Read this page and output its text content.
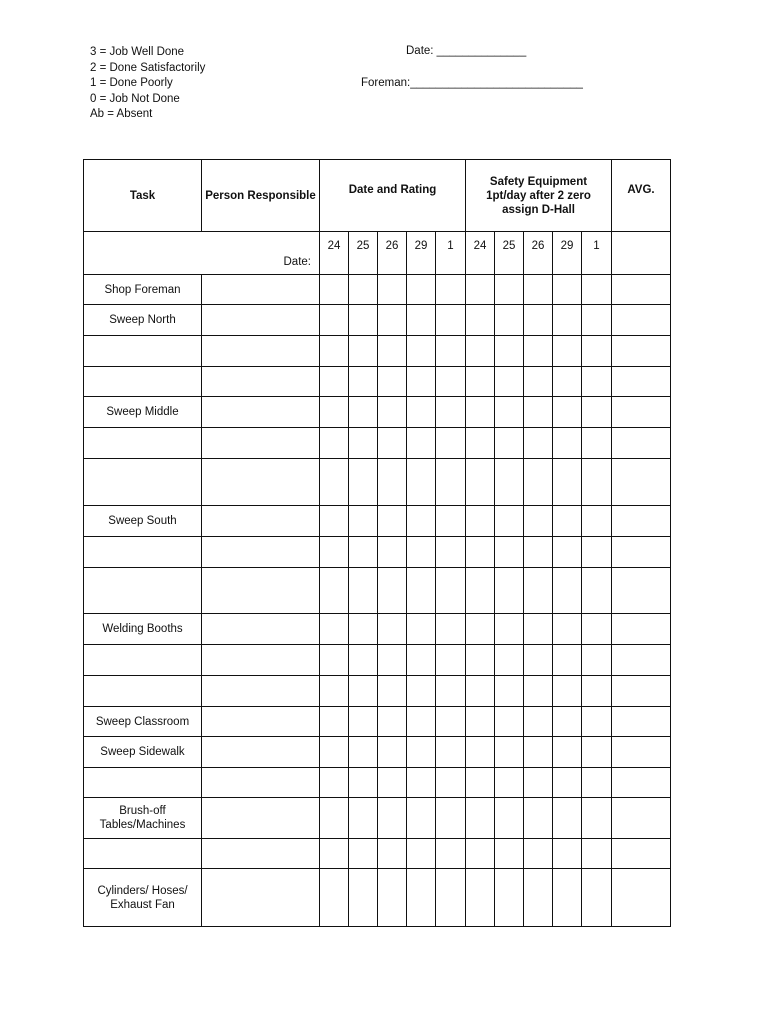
3 = Job Well Done
2 = Done Satisfactorily
1 = Done Poorly
0 = Job Not Done
Ab = Absent
Date: ______________
Foreman:___________________________
Task	Person Responsible	Date and Rating					Safety Equipment 1pt/day after 2 zero assign D-Hall					AVG.
Date:		24	25	26	29	1	24	25	26	29	1	
Shop Foreman												
Sweep North												

Sweep Middle												

Sweep South												

Welding Booths												

Sweep Classroom												
Sweep Sidewalk												

Brush-off Tables/Machines												

Cylinders/ Hoses/ Exhaust Fan												
